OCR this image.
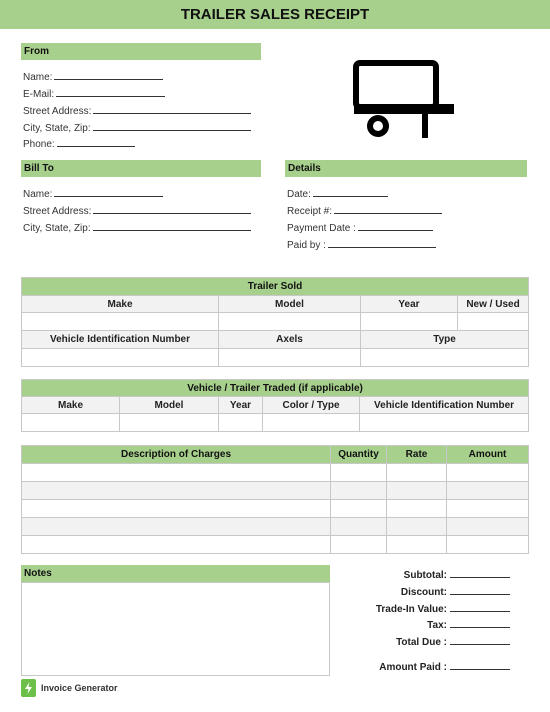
TRAILER SALES RECEIPT
From
Name:
E-Mail:
Street Address:
City, State, Zip:
Phone:
Bill To
Name:
Street Address:
City, State, Zip:
Details
Date:
Receipt #:
Payment Date :
Paid by :
Trailer Sold			
Make	Model	Year	New / Used

Vehicle Identification Number	Axels	Type	

Vehicle / Trailer Traded (if applicable)				
Make	Model	Year	Color / Type	Vehicle Identification Number

Description of Charges	Quantity	Rate	Amount

Notes	Subtotal:
Discount:
Trade-In Value:
Tax:
Total Due :
Amount Paid :
Invoice Generator
